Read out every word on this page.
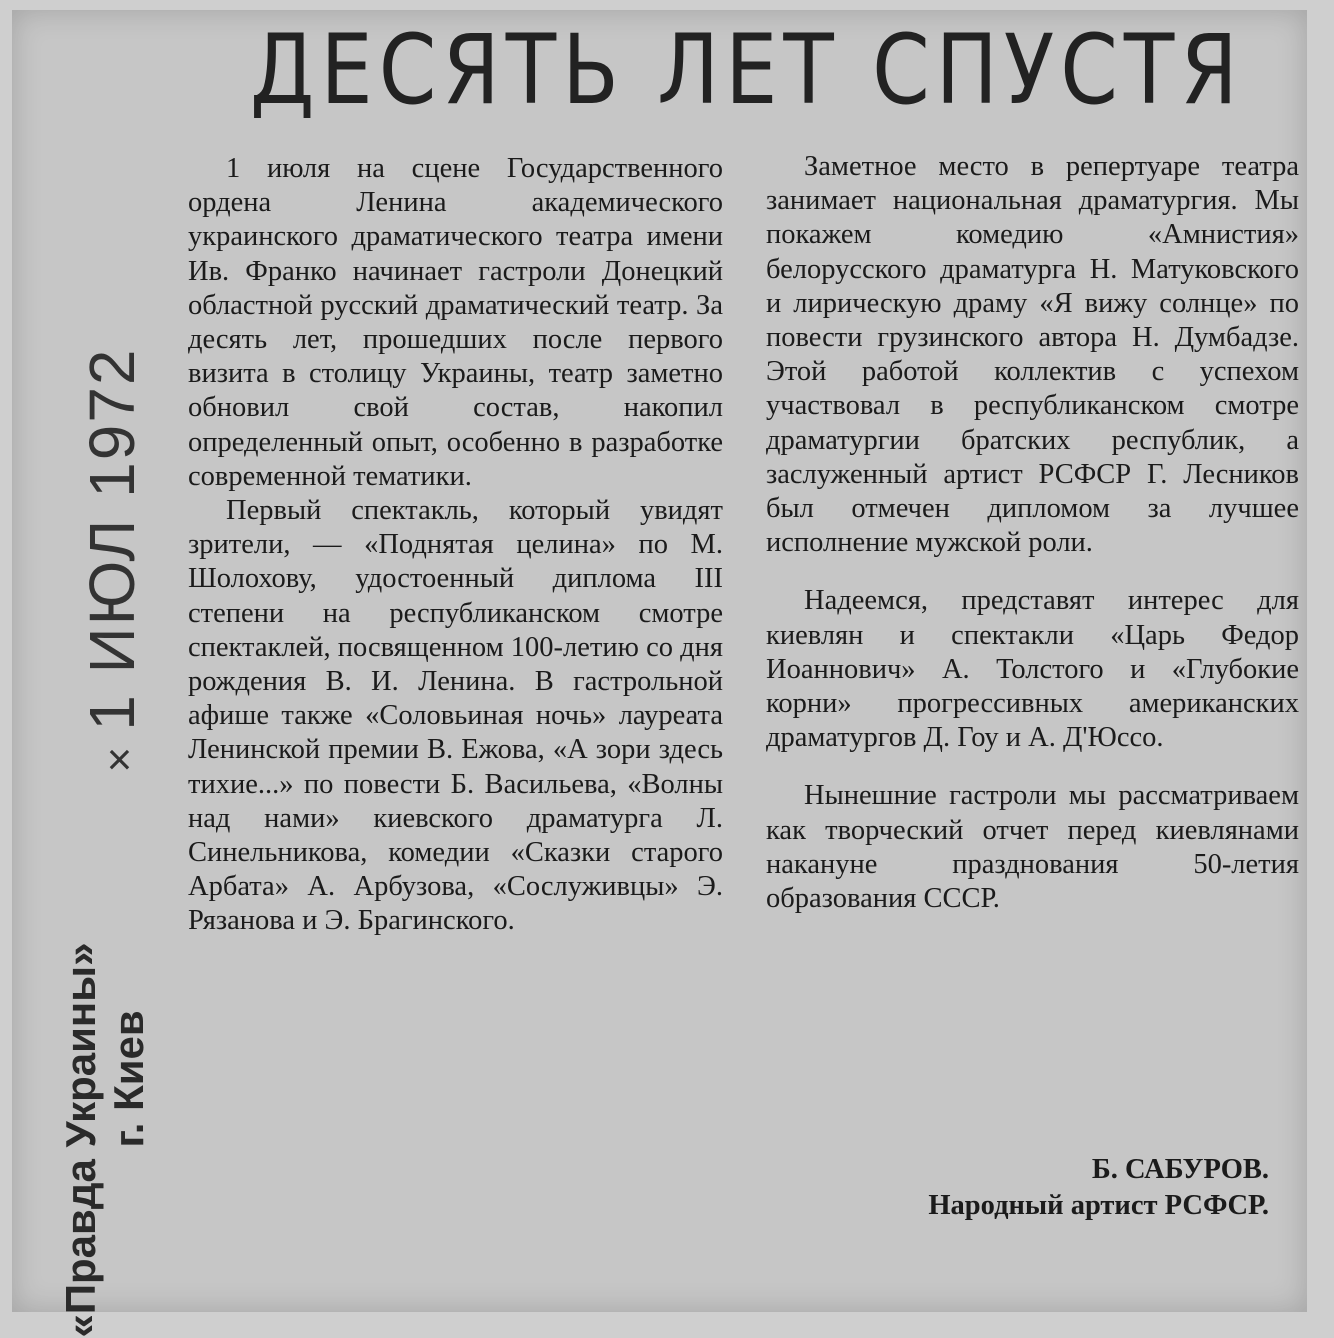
ДЕСЯТЬ ЛЕТ СПУСТЯ

1 июля на сцене Государственного ордена Ленина академического украинского драматического театра имени Ив. Франко начинает гастроли Донецкий областной русский драматический театр. За десять лет, прошедших после первого визита в столицу Украины, театр заметно обновил свой состав, накопил определенный опыт, особенно в разработке современной тематики.

Первый спектакль, который увидят зрители, — «Поднятая целина» по М. Шолохову, удостоенный диплома III степени на республиканском смотре спектаклей, посвященном 100-летию со дня рождения В. И. Ленина. В гастрольной афише также «Соловьиная ночь» лауреата Ленинской премии В. Ежова, «А зори здесь тихие...» по повести Б. Васильева, «Волны над нами» киевского драматурга Л. Синельникова, комедии «Сказки старого Арбата» А. Арбузова, «Сослуживцы» Э. Рязанова и Э. Брагинского.

Заметное место в репертуаре театра занимает национальная драматургия. Мы покажем комедию «Амнистия» белорусского драматурга Н. Матуковского и лирическую драму «Я вижу солнце» по повести грузинского автора Н. Думбадзе. Этой работой коллектив с успехом участвовал в республиканском смотре драматургии братских республик, а заслуженный артист РСФСР Г. Лесников был отмечен дипломом за лучшее исполнение мужской роли.

Надеемся, представят интерес для киевлян и спектакли «Царь Федор Иоаннович» А. Толстого и «Глубокие корни» прогрессивных американских драматургов Д. Гоу и А. Д'Юссо.

Нынешние гастроли мы рассматриваем как творческий отчет перед киевлянами накануне празднования 50-летия образования СССР.

Б. САБУРОВ.
Народный артист РСФСР.
×1 ИЮЛ 1972
«Правда Украины» г. Киев
